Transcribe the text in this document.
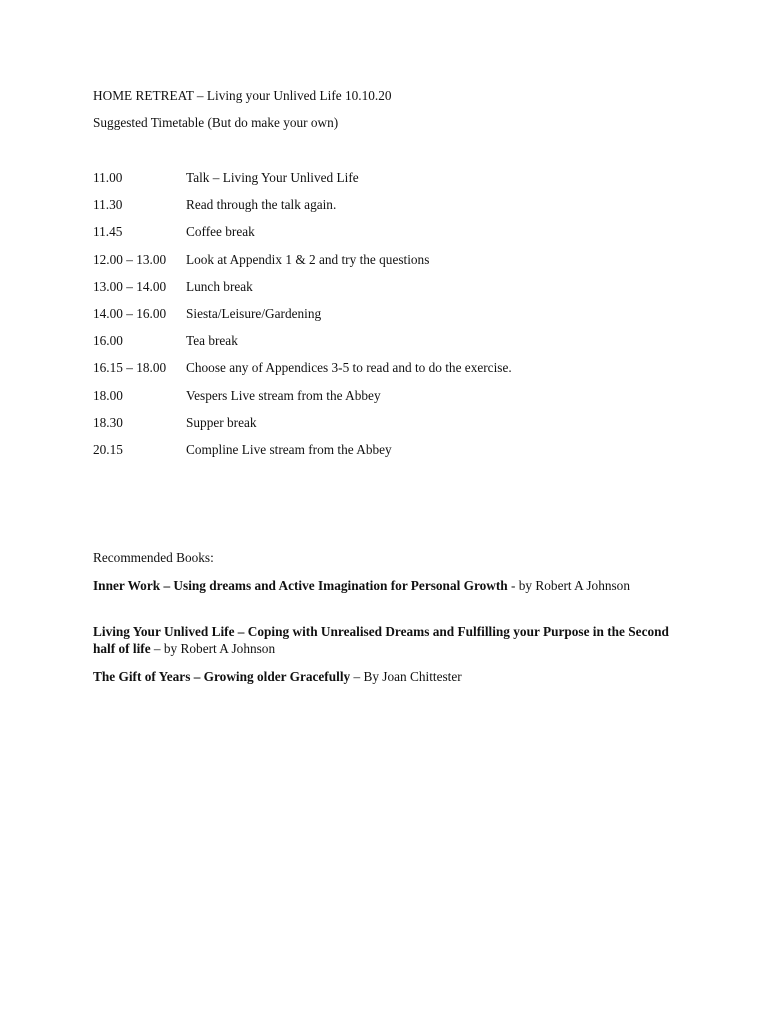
HOME RETREAT – Living your Unlived Life 10.10.20
Suggested Timetable (But do make your own)
11.00	Talk – Living Your Unlived Life
11.30	Read through the talk again.
11.45	Coffee break
12.00 – 13.00 Look at Appendix 1 & 2 and try the questions
13.00 – 14.00 Lunch break
14.00 – 16.00 Siesta/Leisure/Gardening
16.00	Tea break
16.15 – 18.00 Choose any of Appendices 3-5 to read and to do the exercise.
18.00	Vespers Live stream from the Abbey
18.30	Supper break
20.15	Compline Live stream from the Abbey
Recommended Books:
Inner Work – Using dreams and Active Imagination for Personal Growth - by Robert A Johnson
Living Your Unlived Life – Coping with Unrealised Dreams and Fulfilling your Purpose in the Second half of life – by Robert A Johnson
The Gift of Years – Growing older Gracefully – By Joan Chittester
